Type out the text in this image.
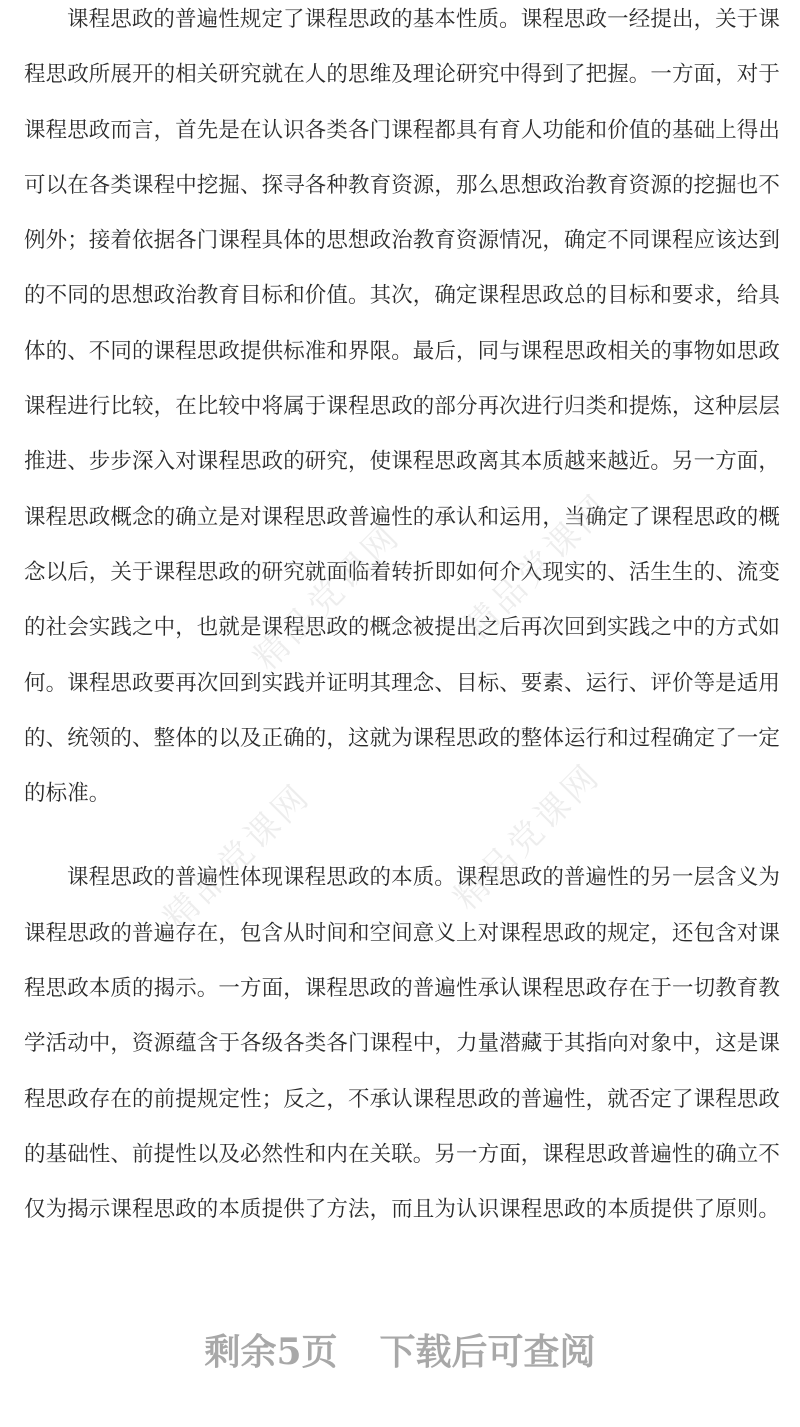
课程思政的普遍性规定了课程思政的基本性质。课程思政一经提出，关于课程思政所展开的相关研究就在人的思维及理论研究中得到了把握。一方面，对于课程思政而言，首先是在认识各类各门课程都具有育人功能和价值的基础上得出可以在各类课程中挖掘、探寻各种教育资源，那么思想政治教育资源的挖掘也不例外；接着依据各门课程具体的思想政治教育资源情况，确定不同课程应该达到的不同的思想政治教育目标和价值。其次，确定课程思政总的目标和要求，给具体的、不同的课程思政提供标准和界限。最后，同与课程思政相关的事物如思政课程进行比较，在比较中将属于课程思政的部分再次进行归类和提炼，这种层层推进、步步深入对课程思政的研究，使课程思政离其本质越来越近。另一方面，课程思政概念的确立是对课程思政普遍性的承认和运用，当确定了课程思政的概念以后，关于课程思政的研究就面临着转折即如何介入现实的、活生生的、流变的社会实践之中，也就是课程思政的概念被提出之后再次回到实践之中的方式如何。课程思政要再次回到实践并证明其理念、目标、要素、运行、评价等是适用的、统领的、整体的以及正确的，这就为课程思政的整体运行和过程确定了一定的标准。

课程思政的普遍性体现课程思政的本质。课程思政的普遍性的另一层含义为课程思政的普遍存在，包含从时间和空间意义上对课程思政的规定，还包含对课程思政本质的揭示。一方面，课程思政的普遍性承认课程思政存在于一切教育教学活动中，资源蕴含于各级各类各门课程中，力量潜藏于其指向对象中，这是课程思政存在的前提规定性；反之，不承认课程思政的普遍性，就否定了课程思政的基础性、前提性以及必然性和内在关联。另一方面，课程思政普遍性的确立不仅为揭示课程思政的本质提供了方法，而且为认识课程思政的本质提供了原则。

精品党课网 精品党课网
精品党课网	精品党课网
剩余5页 下载后可查阅
